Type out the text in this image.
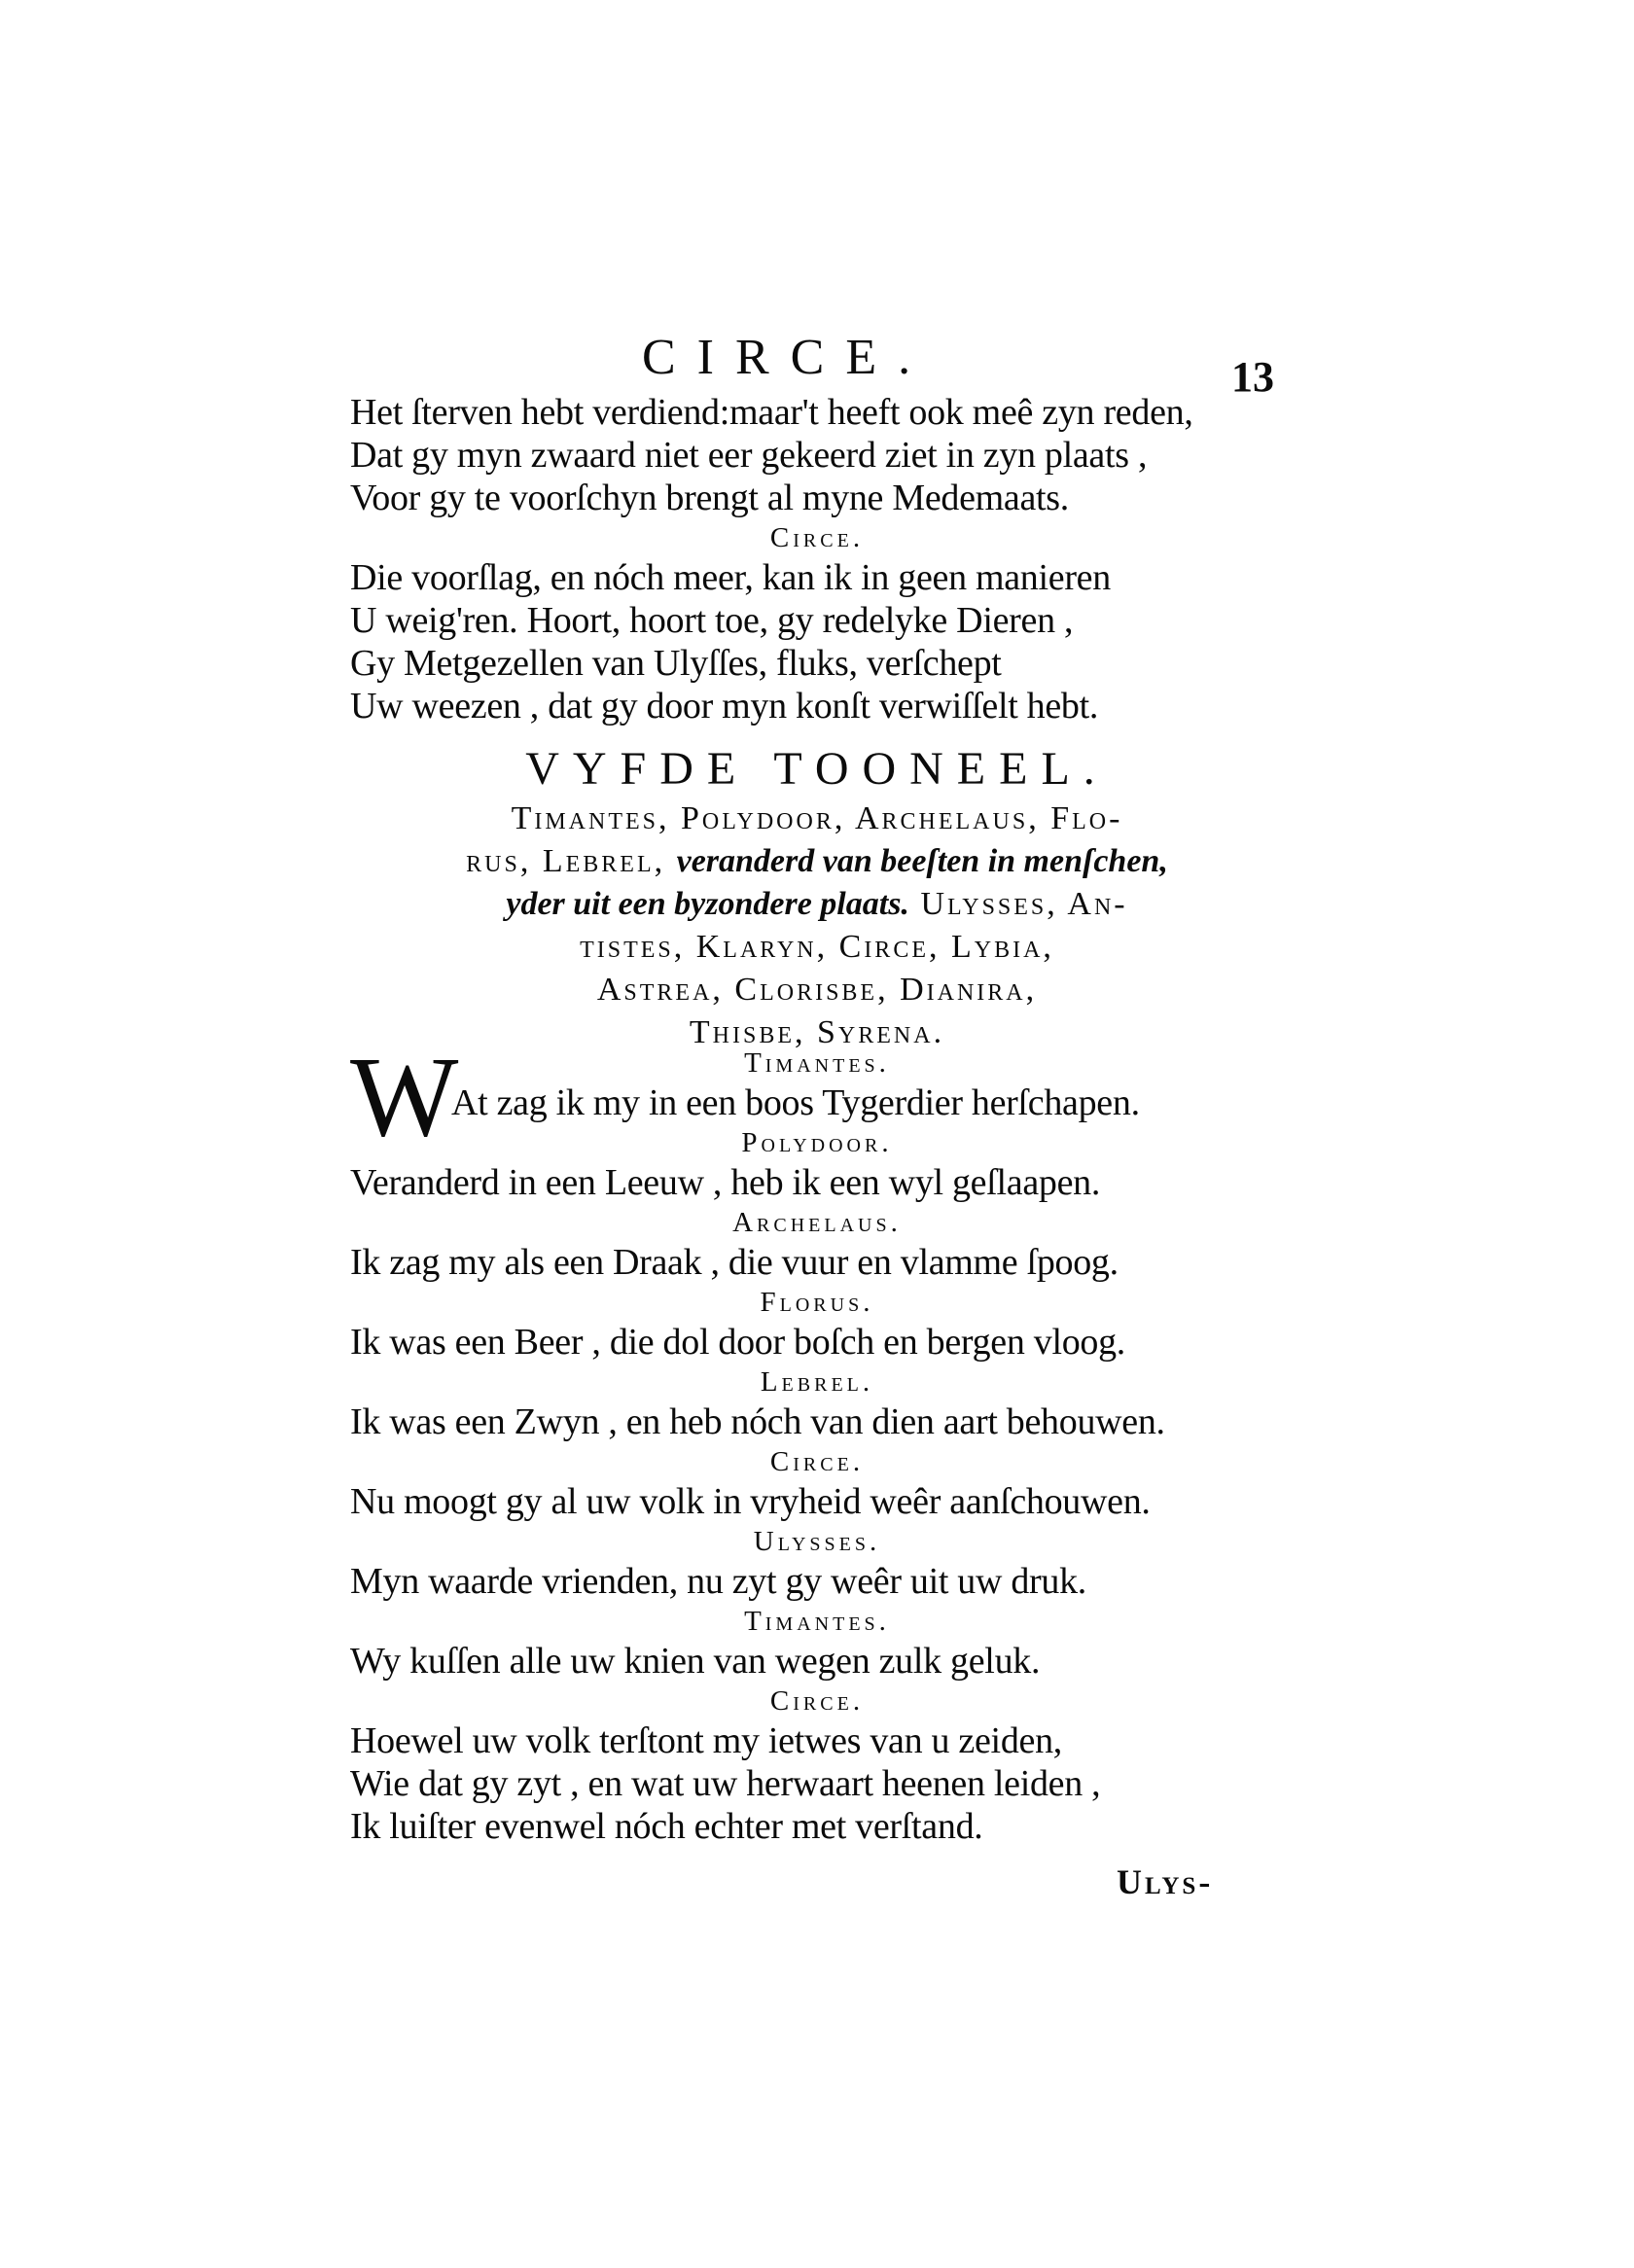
CIRCE.	13
Het ſterven hebt verdiend:maar't heeft ook meê zyn reden,
Dat gy myn zwaard niet eer gekeerd ziet in zyn plaats ,
Voor gy te voorſchyn brengt al myne Medemaats.
Circe.
Die voorſlag, en nóch meer, kan ik in geen manieren
U weig'ren. Hoort, hoort toe, gy redelyke Dieren ,
Gy Metgezellen van Ulyſſes, fluks, verſchept
Uw weezen , dat gy door myn konſt verwiſſelt hebt.
VYFDE TOONEEL.
Timantes, Polydoor, Archelaus, Flo-
rus, Lebrel, veranderd van beeſten in menſchen,
yder uit een byzondere plaats. Ulysses, An-
tistes, Klaryn, Circe, Lybia,
Astrea, Clorisbe, Dianira,
Thisbe, Syrena.
W	Timantes.
At zag ik my in een boos Tygerdier herſchapen.
Polydoor.
Veranderd in een Leeuw , heb ik een wyl geſlaapen.
Archelaus.
Ik zag my als een Draak , die vuur en vlamme ſpoog.
Florus.
Ik was een Beer , die dol door boſch en bergen vloog.
Lebrel.
Ik was een Zwyn , en heb nóch van dien aart behouwen.
Circe.
Nu moogt gy al uw volk in vryheid weêr aanſchouwen.
Ulysses.
Myn waarde vrienden, nu zyt gy weêr uit uw druk.
Timantes.
Wy kuſſen alle uw knien van wegen zulk geluk.
Circe.
Hoewel uw volk terſtont my ietwes van u zeiden,
Wie dat gy zyt , en wat uw herwaart heenen leiden ,
Ik luiſter evenwel nóch echter met verſtand.
Ulys-
